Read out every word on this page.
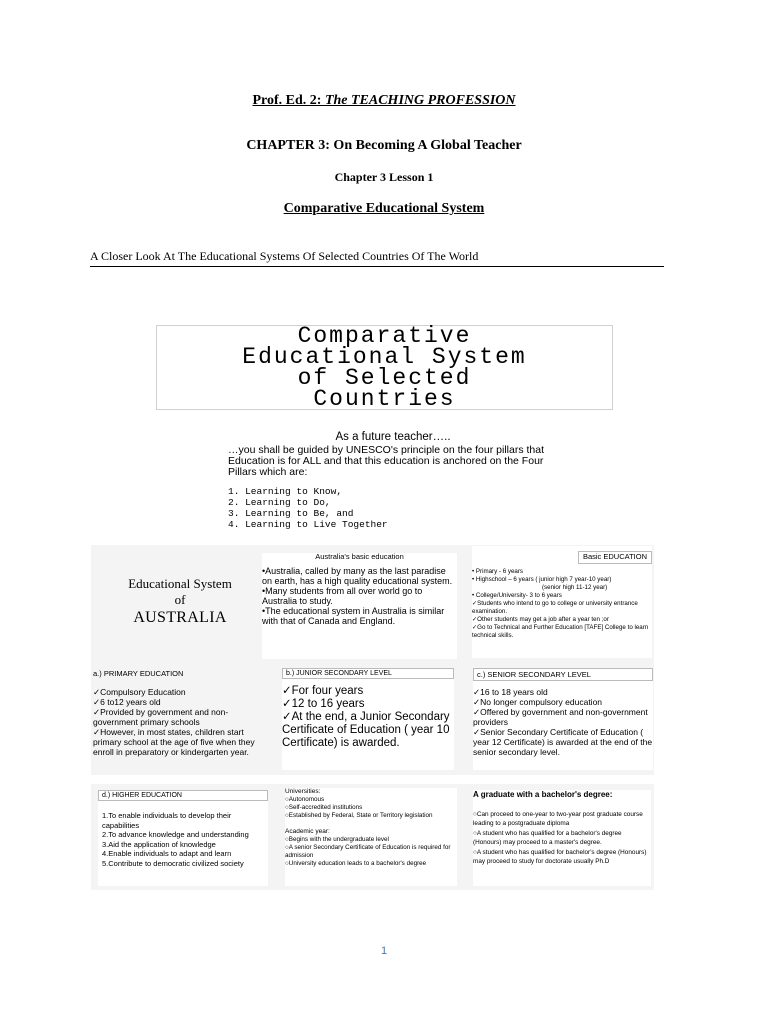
Prof. Ed. 2: The TEACHING PROFESSION
CHAPTER 3: On Becoming A Global Teacher
Chapter 3 Lesson 1
Comparative Educational System
A Closer Look At The Educational Systems Of Selected Countries Of The World
Comparative
Educational System
of Selected
Countries
As a future teacher…..
…you shall be guided by UNESCO's principle on the four pillars that Education is for ALL and that this education is anchored on the Four Pillars which are:
1. Learning to Know,
2. Learning to Do,
3. Learning to Be, and
4. Learning to Live Together
Educational System
of
AUSTRALIA
Australia's basic education
•Australia, called by many as the last paradise on earth, has a high quality educational system.
•Many students from all over world go to Australia to study.
•The educational system in Australia is similar with that of Canada and England.
Basic EDUCATION
• Primary - 6 years
• Highschool – 6 years ( junior high 7 year-10 year)
(senior high 11-12 year)
• College/University- 3 to 6 years
✓Students who intend to go to college or university entrance examination.
✓Other students may get a job after a year ten ;or
✓Go to Technical and Further Education [TAFE] College to learn technical skills.
a.) PRIMARY EDUCATION
✓Compulsory Education
✓6 to12 years old
✓Provided by government and non-government primary schools
✓However, in most states, children start primary school at the age of five when they enroll in preparatory or kindergarten year.
b.) JUNIOR SECONDARY LEVEL
✓For four years
✓12 to 16 years
✓At the end, a Junior Secondary Certificate of Education ( year 10 Certificate) is awarded.
c.) SENIOR SECONDARY LEVEL
✓16 to 18 years old
✓No longer compulsory education
✓Offered by government and non-government providers
✓Senior Secondary Certificate of Education ( year 12 Certificate) is awarded at the end of the senior secondary level.
d.) HIGHER EDUCATION
1.To enable individuals to develop their capabilities
2.To advance knowledge and understanding
3.Aid the application of knowledge
4.Enable individuals to adapt and learn
5.Contribute to democratic civilized society
Universities:
○Autonomous
○Self-accredited institutions
○Established by Federal, State or Territory legislation
Academic year:
○Begins with the undergraduate level
○A senior Secondary Certificate of Education is required for admission
○University education leads to a bachelor's degree
A graduate with a bachelor's degree:
○Can proceed to one-year to two-year post graduate course leading to a postgraduate diploma
○A student who has qualified for a bachelor's degree (Honours) may proceed to a master's degree.
○A student who has qualified for bachelor's degree (Honours) may proceed to study for doctorate usually Ph.D
1
